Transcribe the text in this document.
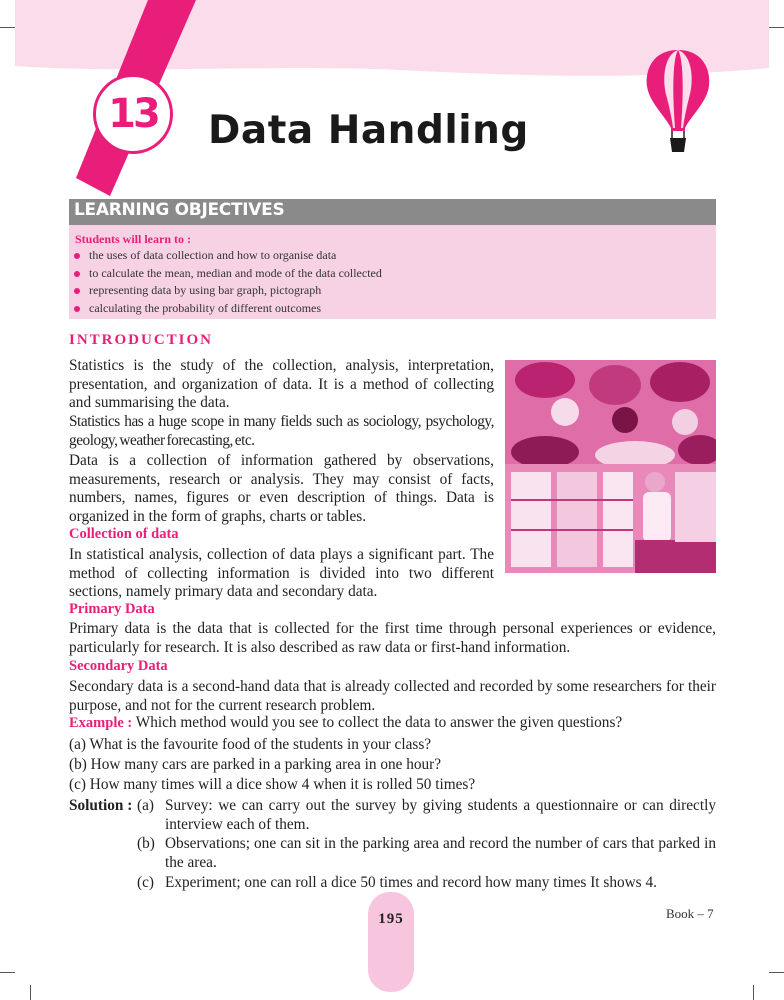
13	Data Handling
LEARNING OBJECTIVES
Students will learn to :
the uses of data collection and how to organise data
to calculate the mean, median and mode of the data collected
representing data by using bar graph, pictograph
calculating the probability of different outcomes
INTRODUCTION
Statistics is the study of the collection, analysis, interpretation, presentation, and organization of data. It is a method of collecting and summarising the data.
Statistics has a huge scope in many fields such as sociology, psychology, geology, weather forecasting, etc.
Data is a collection of information gathered by observations, measurements, research or analysis. They may consist of facts, numbers, names, figures or even description of things. Data is organized in the form of graphs, charts or tables.
Collection of data
In statistical analysis, collection of data plays a significant part. The method of collecting information is divided into two different sections, namely primary data and secondary data.
Primary Data
Primary data is the data that is collected for the first time through personal experiences or evidence, particularly for research. It is also described as raw data or first-hand information.
Secondary Data
Secondary data is a second-hand data that is already collected and recorded by some researchers for their purpose, and not for the current research problem.
Example : Which method would you see to collect the data to answer the given questions?
(a) What is the favourite food of the students in your class?
(b) How many cars are parked in a parking area in one hour?
(c) How many times will a dice show 4 when it is rolled 50 times?
Solution : (a) Survey: we can carry out the survey by giving students a questionnaire or can directly interview each of them.
(b) Observations; one can sit in the parking area and record the number of cars that parked in the area.
(c) Experiment; one can roll a dice 50 times and record how many times It shows 4.
195	Book – 7
